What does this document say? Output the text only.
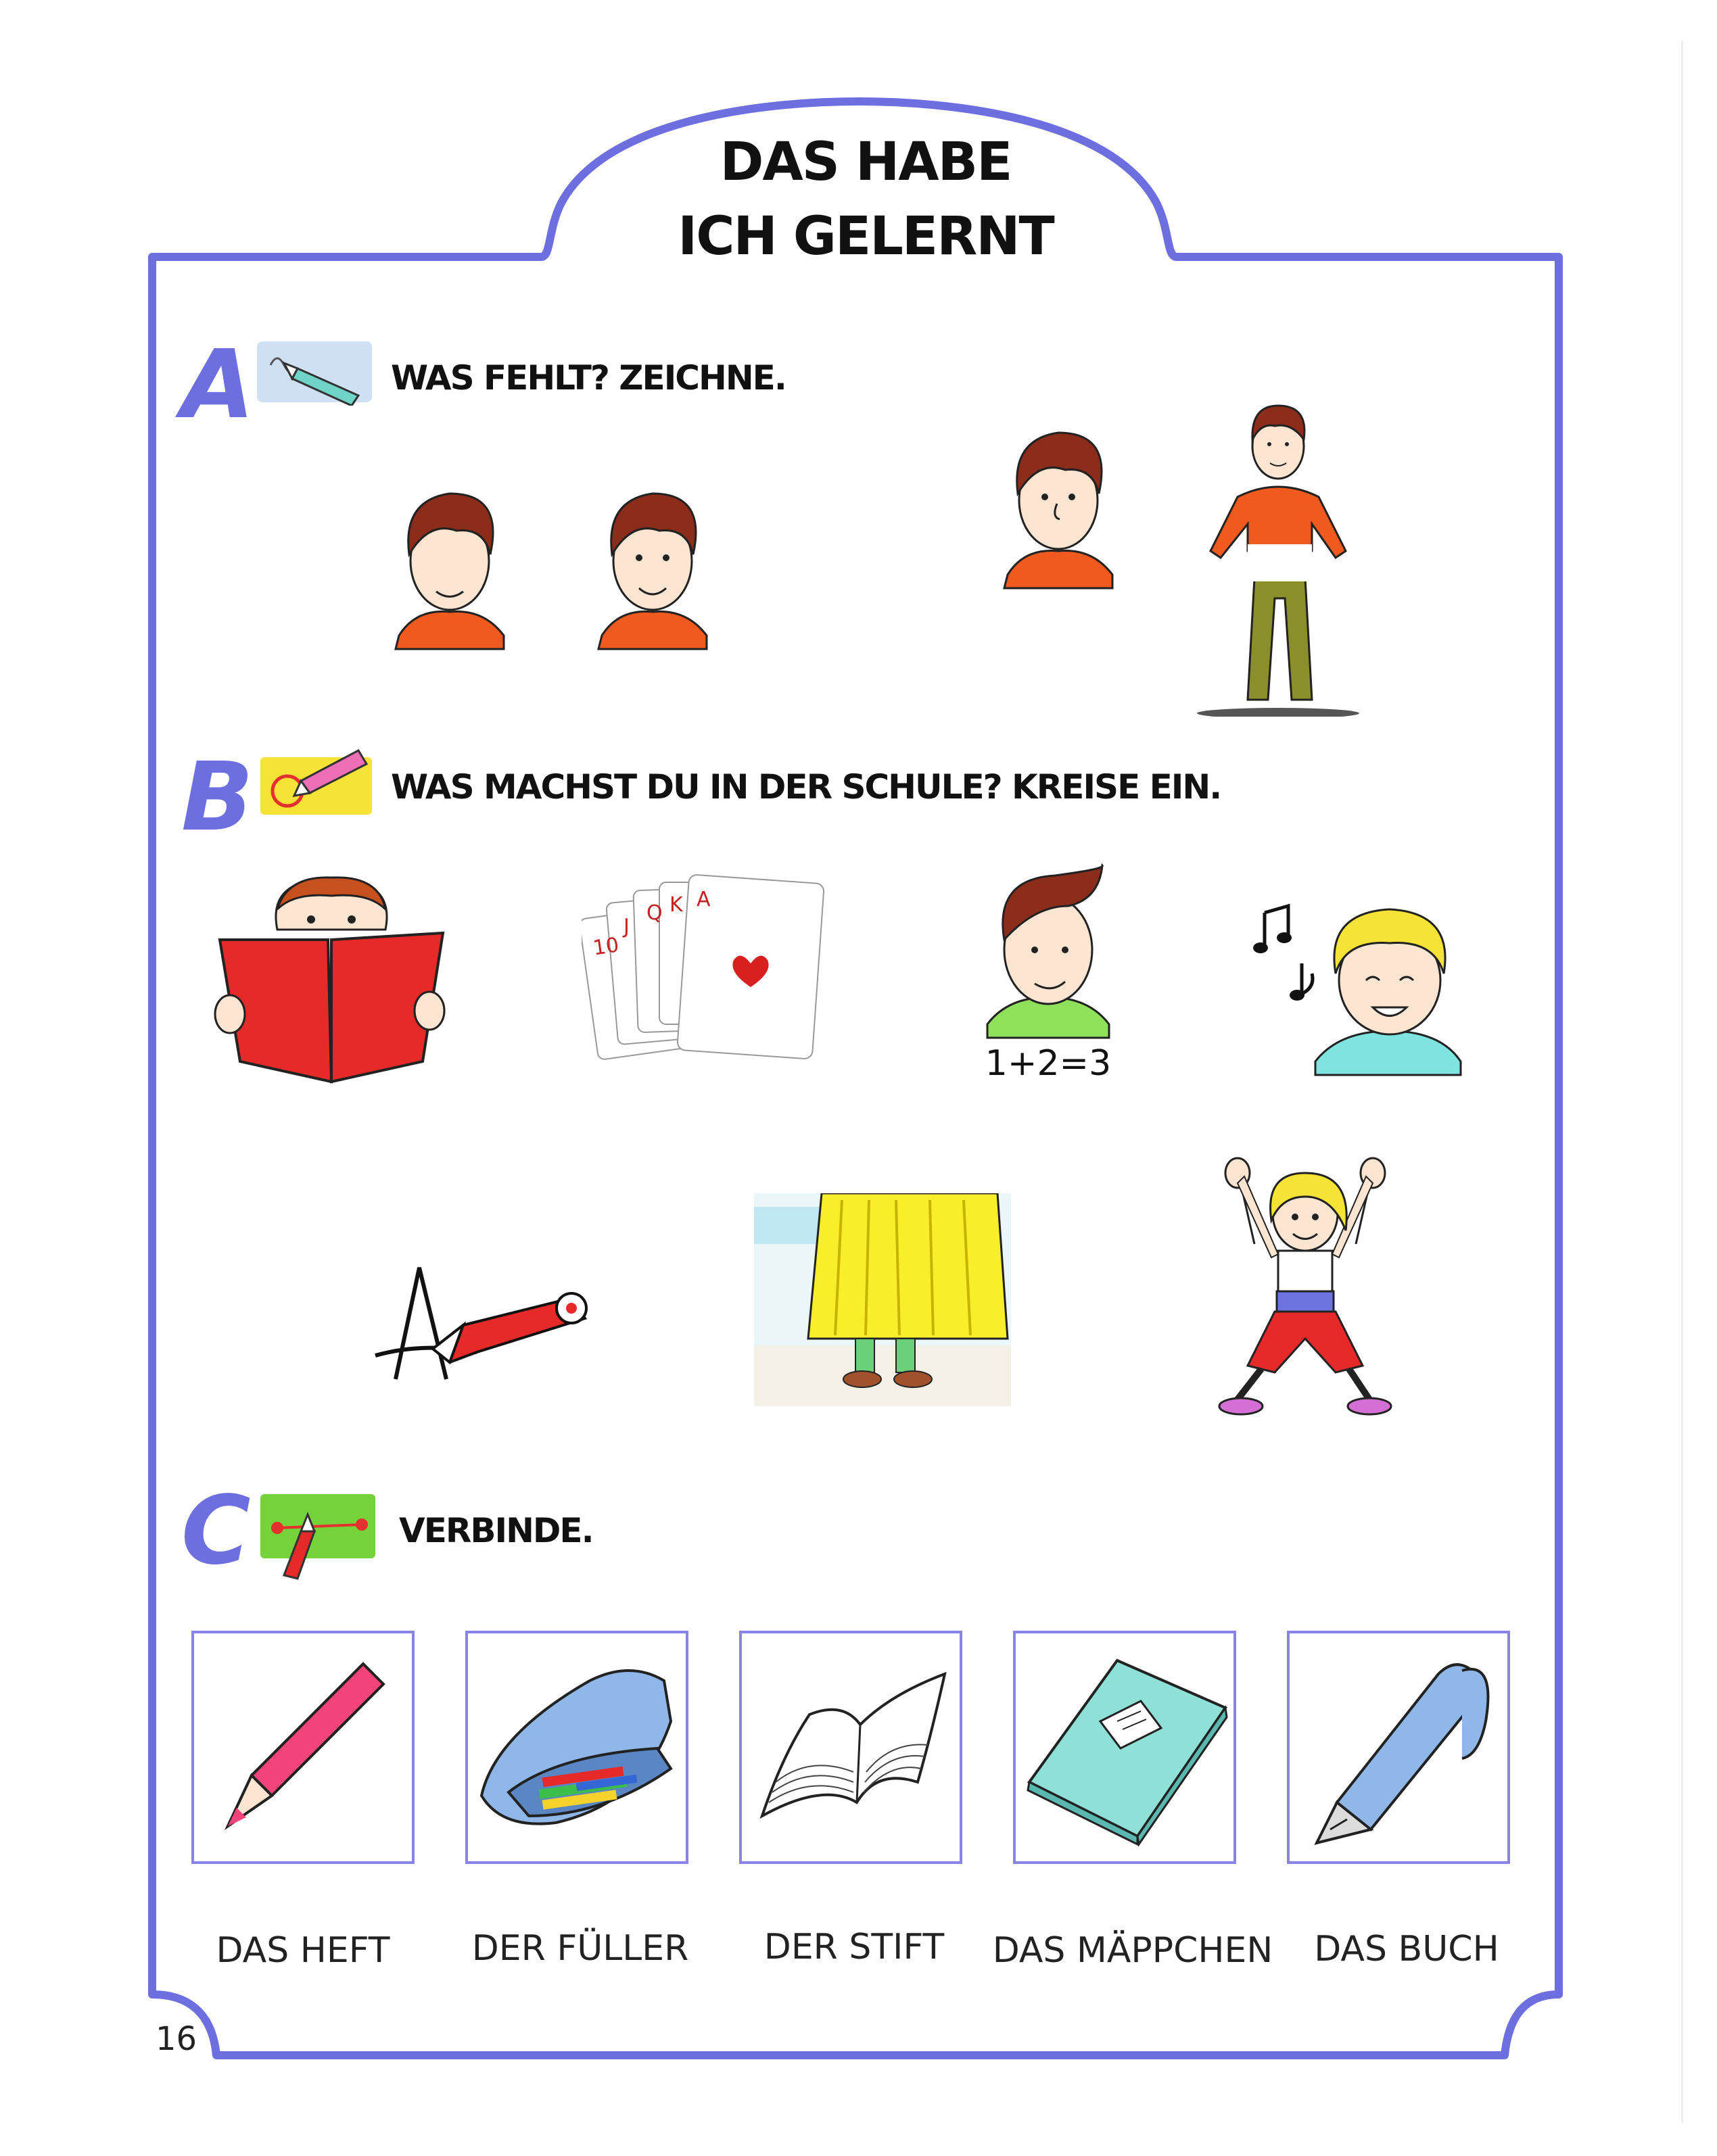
DAS HABE
ICH GELERNT
A	WAS FEHLT? ZEICHNE.
B	WAS MACHST DU IN DER SCHULE? KREISE EIN.
10
J
Q K A
1+2=3
C	VERBINDE.
DAS HEFT	DER FÜLLER	DER STIFT	DAS MÄPPCHEN	DAS BUCH
16
